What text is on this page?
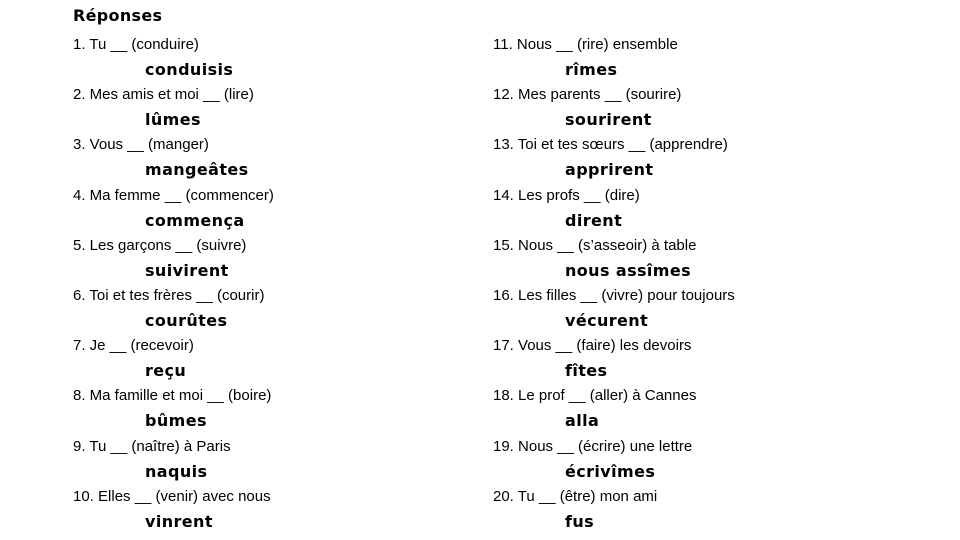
Réponses
1. Tu __ (conduire)
conduisis
2. Mes amis et moi __ (lire)
lûmes
3. Vous __ (manger)
mangeâtes
4. Ma femme __ (commencer)
commença
5. Les garçons __ (suivre)
suivirent
6. Toi et tes frères __ (courir)
courûtes
7. Je __ (recevoir)
reçu
8. Ma famille et moi __ (boire)
bûmes
9. Tu __ (naître) à Paris
naquis
10. Elles __ (venir) avec nous
vinrent
11. Nous __ (rire) ensemble
rîmes
12. Mes parents __ (sourire)
sourirent
13. Toi et tes sœurs __ (apprendre)
apprirent
14. Les profs __ (dire)
dirent
15. Nous __ (s’asseoir) à table
nous assîmes
16. Les filles __ (vivre) pour toujours
vécurent
17. Vous __ (faire) les devoirs
fîtes
18. Le prof __ (aller) à Cannes
alla
19. Nous __ (écrire) une lettre
écrivîmes
20. Tu __ (être) mon ami
fus
